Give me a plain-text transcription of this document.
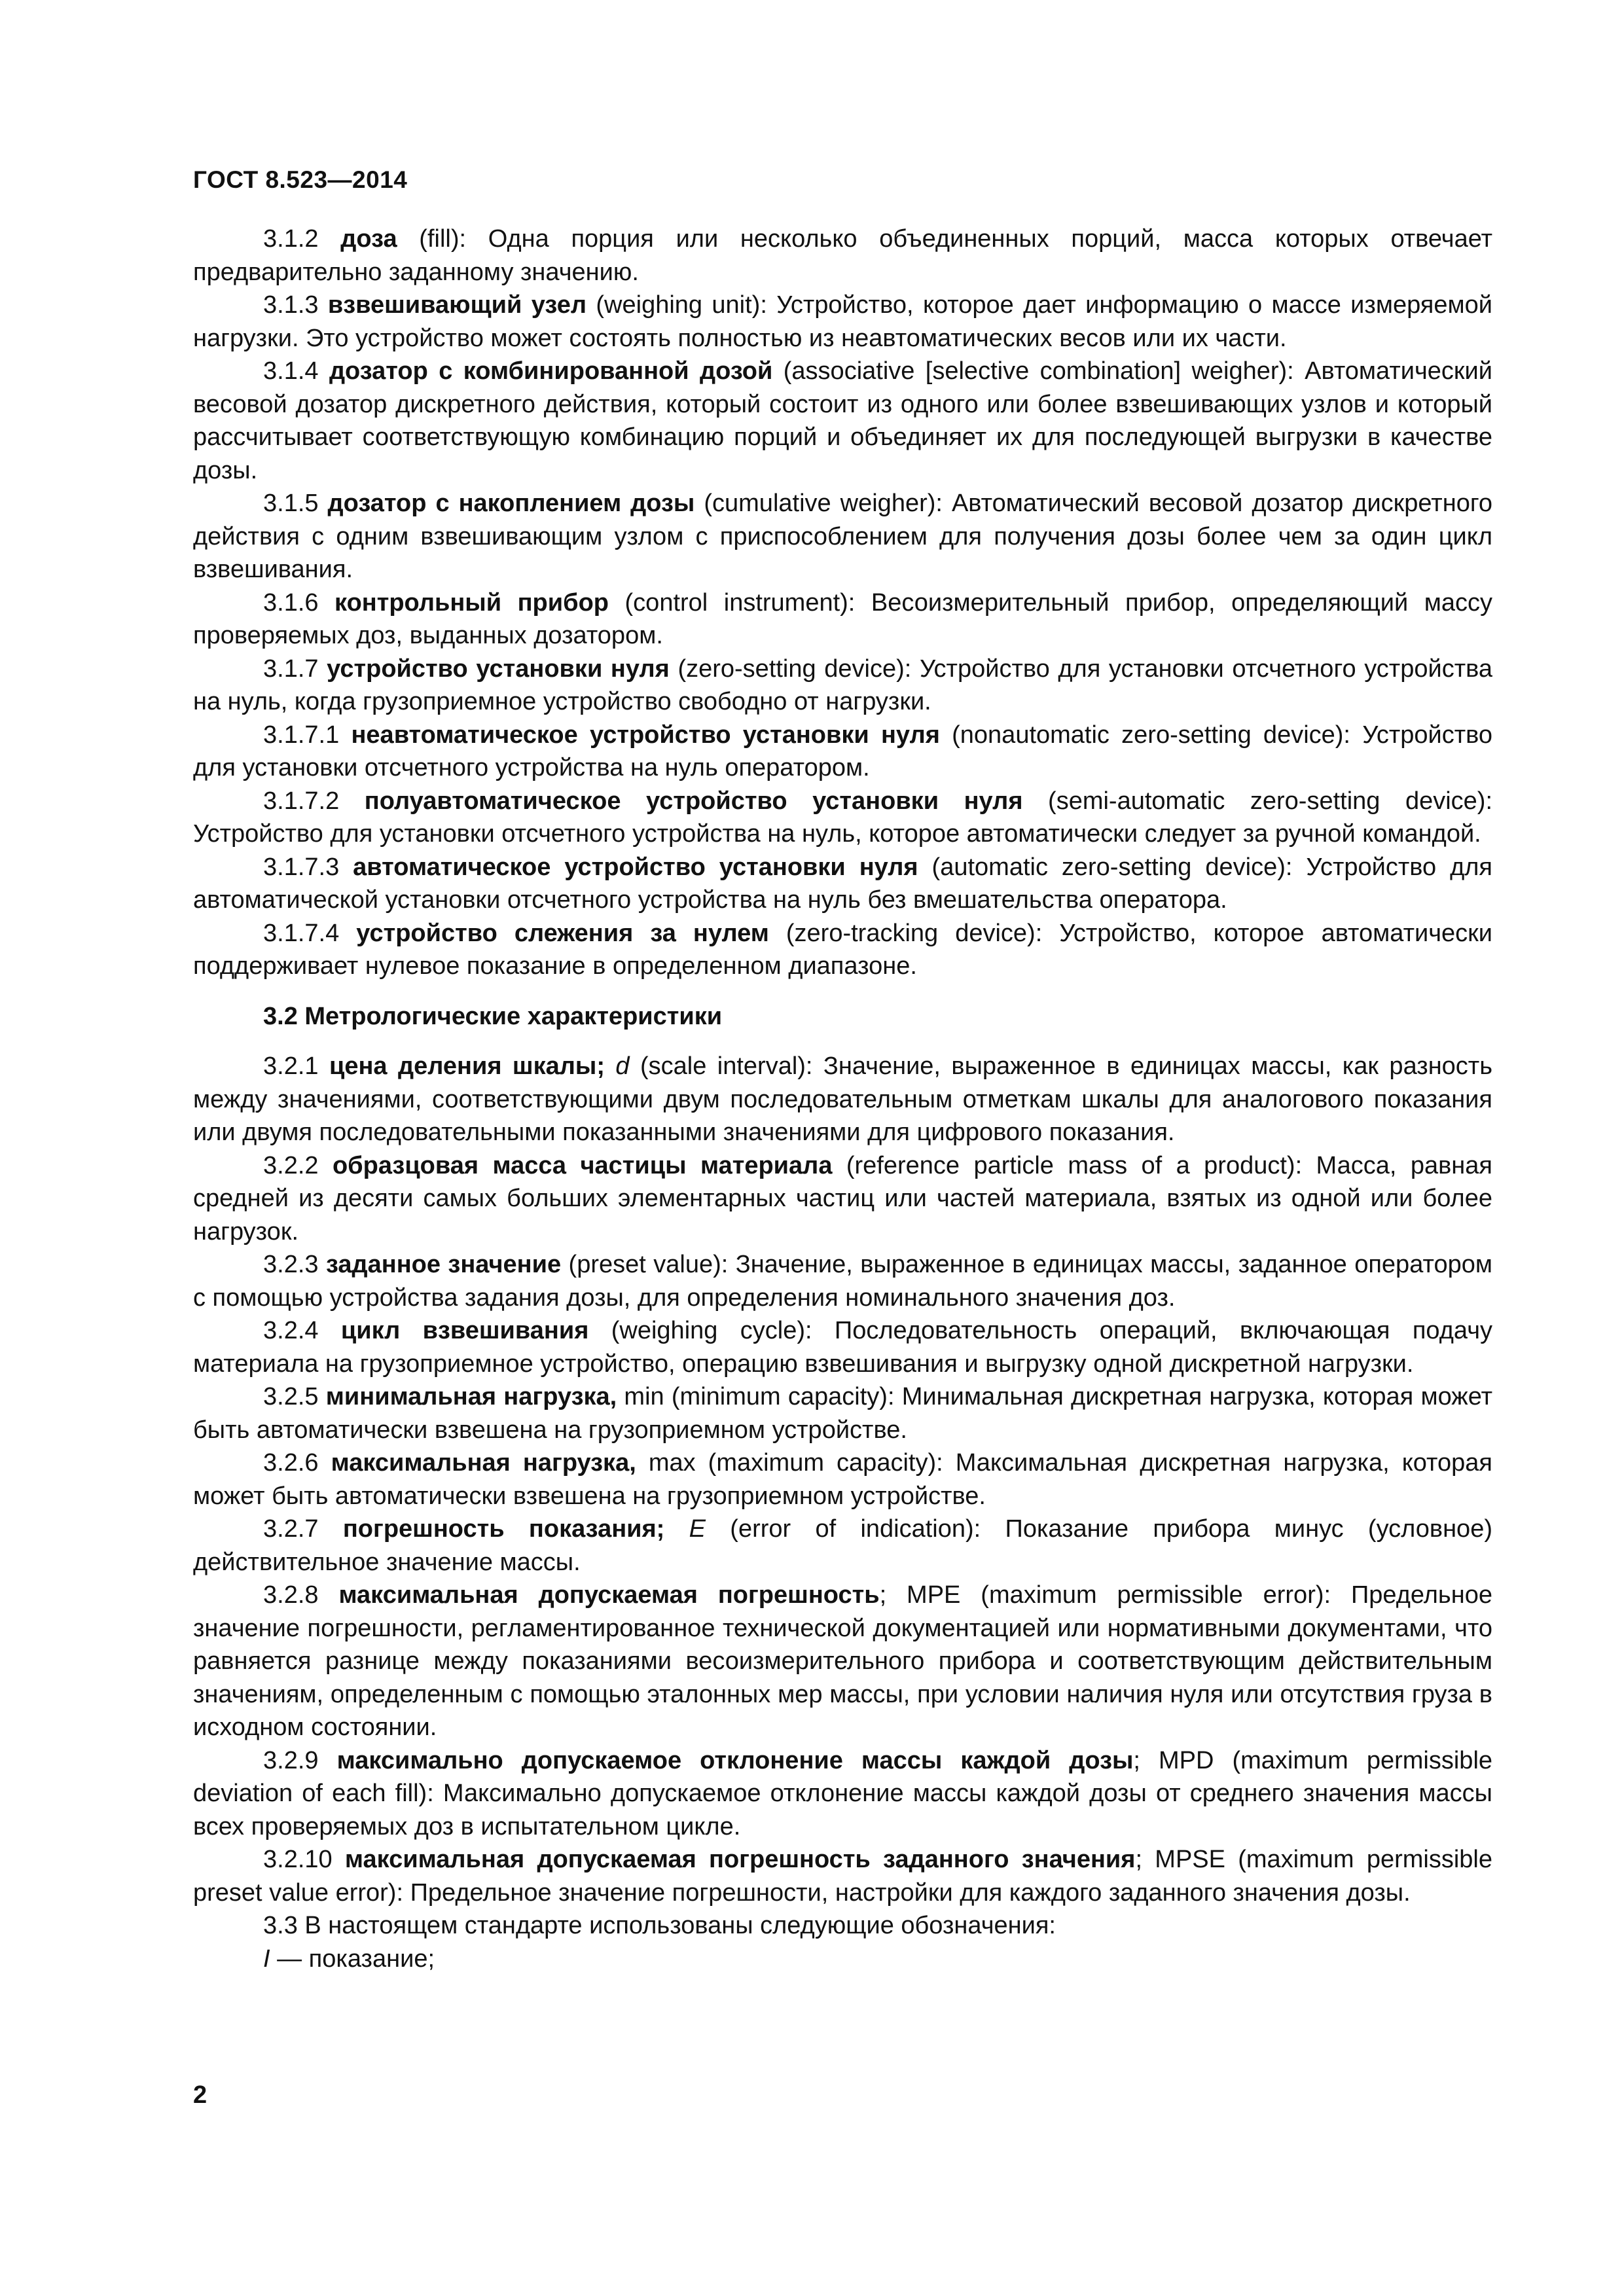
ГОСТ 8.523—2014

3.1.2 доза (fill): Одна порция или несколько объединенных порций, масса которых отвечает предварительно заданному значению.

3.1.3 взвешивающий узел (weighing unit): Устройство, которое дает информацию о массе измеряемой нагрузки. Это устройство может состоять полностью из неавтоматических весов или их части.

3.1.4 дозатор с комбинированной дозой (associative [selective combination] weigher): Автоматический весовой дозатор дискретного действия, который состоит из одного или более взвешивающих узлов и который рассчитывает соответствующую комбинацию порций и объединяет их для последующей выгрузки в качестве дозы.

3.1.5 дозатор с накоплением дозы (cumulative weigher): Автоматический весовой дозатор дискретного действия с одним взвешивающим узлом с приспособлением для получения дозы более чем за один цикл взвешивания.

3.1.6 контрольный прибор (control instrument): Весоизмерительный прибор, определяющий массу проверяемых доз, выданных дозатором.

3.1.7 устройство установки нуля (zero-setting device): Устройство для установки отсчетного устройства на нуль, когда грузоприемное устройство свободно от нагрузки.

3.1.7.1 неавтоматическое устройство установки нуля (nonautomatic zero-setting device): Устройство для установки отсчетного устройства на нуль оператором.

3.1.7.2 полуавтоматическое устройство установки нуля (semi-automatic zero-setting device): Устройство для установки отсчетного устройства на нуль, которое автоматически следует за ручной командой.

3.1.7.3 автоматическое устройство установки нуля (automatic zero-setting device): Устройство для автоматической установки отсчетного устройства на нуль без вмешательства оператора.

3.1.7.4 устройство слежения за нулем (zero-tracking device): Устройство, которое автоматически поддерживает нулевое показание в определенном диапазоне.

3.2 Метрологические характеристики

3.2.1 цена деления шкалы; d (scale interval): Значение, выраженное в единицах массы, как разность между значениями, соответствующими двум последовательным отметкам шкалы для аналогового показания или двумя последовательными показанными значениями для цифрового показания.

3.2.2 образцовая масса частицы материала (reference particle mass of a product): Масса, равная средней из десяти самых больших элементарных частиц или частей материала, взятых из одной или более нагрузок.

3.2.3 заданное значение (preset value): Значение, выраженное в единицах массы, заданное оператором с помощью устройства задания дозы, для определения номинального значения доз.

3.2.4 цикл взвешивания (weighing cycle): Последовательность операций, включающая подачу материала на грузоприемное устройство, операцию взвешивания и выгрузку одной дискретной нагрузки.

3.2.5 минимальная нагрузка, min (minimum capacity): Минимальная дискретная нагрузка, которая может быть автоматически взвешена на грузоприемном устройстве.

3.2.6 максимальная нагрузка, max (maximum capacity): Максимальная дискретная нагрузка, которая может быть автоматически взвешена на грузоприемном устройстве.

3.2.7 погрешность показания; E (error of indication): Показание прибора минус (условное) действительное значение массы.

3.2.8 максимальная допускаемая погрешность; MPE (maximum permissible error): Предельное значение погрешности, регламентированное технической документацией или нормативными документами, что равняется разнице между показаниями весоизмерительного прибора и соответствующим действительным значениям, определенным с помощью эталонных мер массы, при условии наличия нуля или отсутствия груза в исходном состоянии.

3.2.9 максимально допускаемое отклонение массы каждой дозы; MPD (maximum permissible deviation of each fill): Максимально допускаемое отклонение массы каждой дозы от среднего значения массы всех проверяемых доз в испытательном цикле.

3.2.10 максимальная допускаемая погрешность заданного значения; MPSE (maximum permissible preset value error): Предельное значение погрешности, настройки для каждого заданного значения дозы.

3.3 В настоящем стандарте использованы следующие обозначения:

I — показание;

2
